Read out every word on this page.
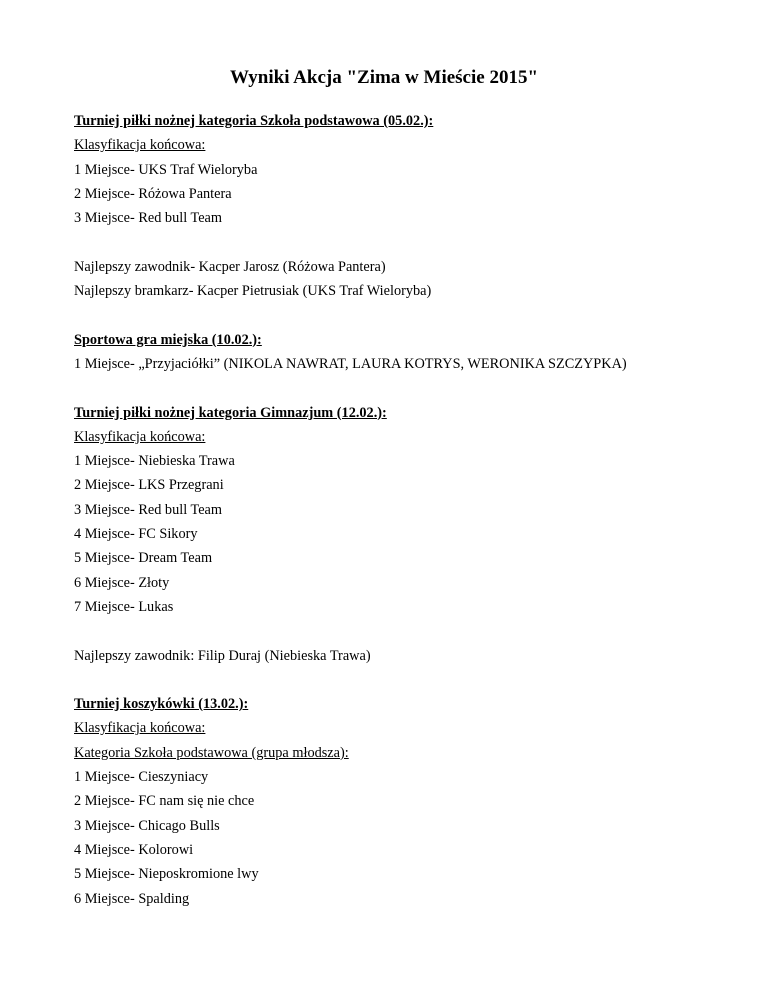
Wyniki Akcja "Zima w Mieście 2015"
Turniej piłki nożnej kategoria Szkoła podstawowa (05.02.):
Klasyfikacja końcowa:
1 Miejsce- UKS Traf Wieloryba
2 Miejsce- Różowa Pantera
3 Miejsce- Red bull Team
Najlepszy zawodnik- Kacper Jarosz (Różowa Pantera)
Najlepszy bramkarz- Kacper Pietrusiak (UKS Traf Wieloryba)
Sportowa gra miejska (10.02.):
1 Miejsce- „Przyjaciółki” (NIKOLA NAWRAT, LAURA KOTRYS, WERONIKA SZCZYPKA)
Turniej piłki nożnej kategoria Gimnazjum (12.02.):
Klasyfikacja końcowa:
1 Miejsce- Niebieska Trawa
2 Miejsce- LKS Przegrani
3 Miejsce- Red bull Team
4 Miejsce- FC Sikory
5 Miejsce- Dream Team
6 Miejsce- Złoty
7 Miejsce- Lukas
Najlepszy zawodnik: Filip Duraj (Niebieska Trawa)
Turniej koszykówki (13.02.):
Klasyfikacja końcowa:
Kategoria Szkoła podstawowa (grupa młodsza):
1 Miejsce- Cieszyniacy
2 Miejsce- FC nam się nie chce
3 Miejsce- Chicago Bulls
4 Miejsce- Kolorowi
5 Miejsce- Nieposkromione lwy
6 Miejsce- Spalding
